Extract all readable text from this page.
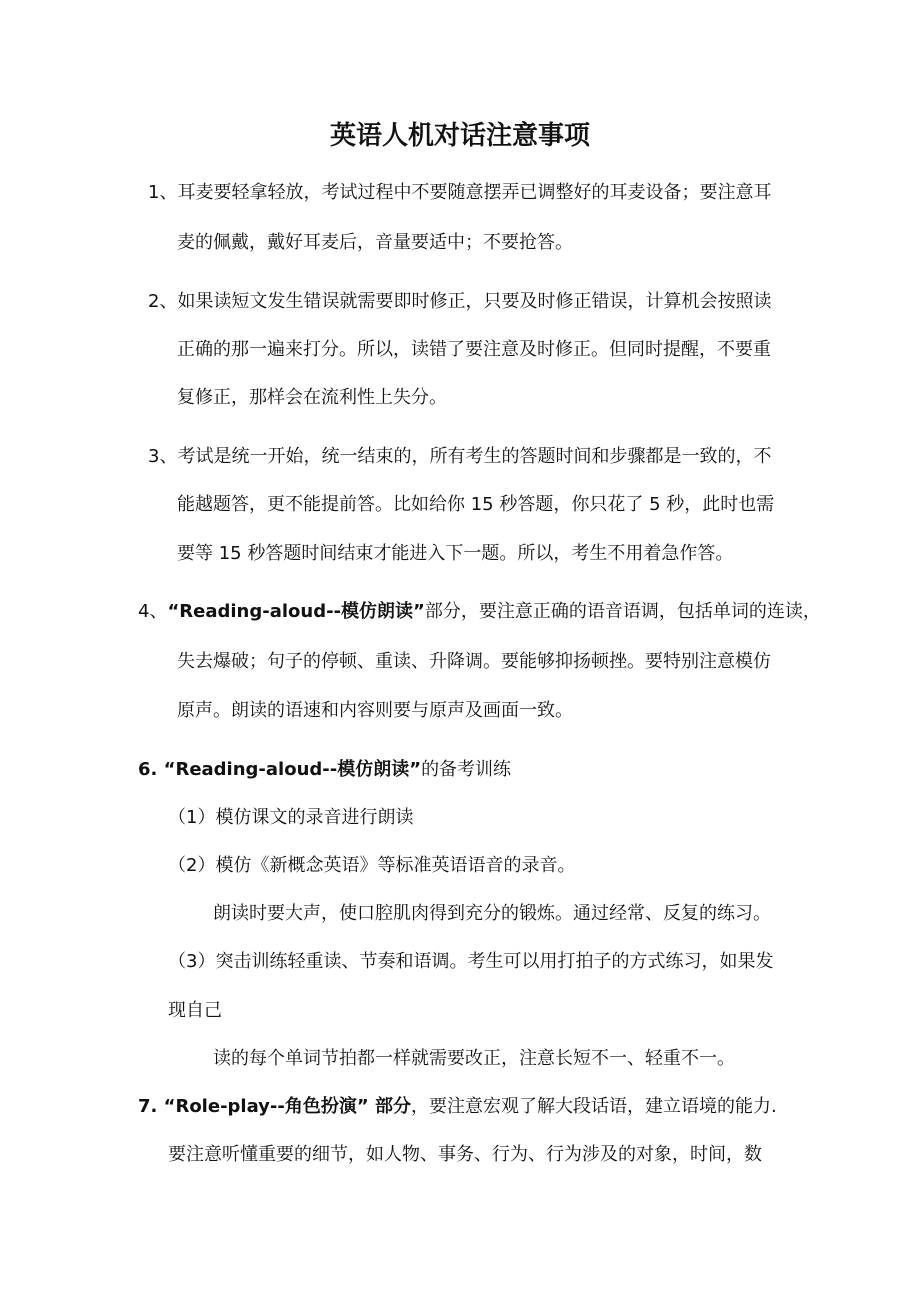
英语人机对话注意事项

1、耳麦要轻拿轻放，考试过程中不要随意摆弄已调整好的耳麦设备；要注意耳

麦的佩戴，戴好耳麦后，音量要适中；不要抢答。

2、如果读短文发生错误就需要即时修正，只要及时修正错误，计算机会按照读

正确的那一遍来打分。所以，读错了要注意及时修正。但同时提醒，不要重

复修正，那样会在流利性上失分。

3、考试是统一开始，统一结束的，所有考生的答题时间和步骤都是一致的，不

能越题答，更不能提前答。比如给你 15 秒答题，你只花了 5 秒，此时也需

要等 15 秒答题时间结束才能进入下一题。所以，考生不用着急作答。

4、“Reading-aloud--模仿朗读”部分，要注意正确的语音语调，包括单词的连读，

失去爆破；句子的停顿、重读、升降调。要能够抑扬顿挫。要特别注意模仿

原声。朗读的语速和内容则要与原声及画面一致。

6. “Reading-aloud--模仿朗读”的备考训练

（1）模仿课文的录音进行朗读

（2）模仿《新概念英语》等标准英语语音的录音。

朗读时要大声，使口腔肌肉得到充分的锻炼。通过经常、反复的练习。

（3）突击训练轻重读、节奏和语调。考生可以用打拍子的方式练习，如果发

现自己

读的每个单词节拍都一样就需要改正，注意长短不一、轻重不一。

7. “Role-play--角色扮演” 部分，要注意宏观了解大段话语，建立语境的能力.

要注意听懂重要的细节，如人物、事务、行为、行为涉及的对象，时间，数
